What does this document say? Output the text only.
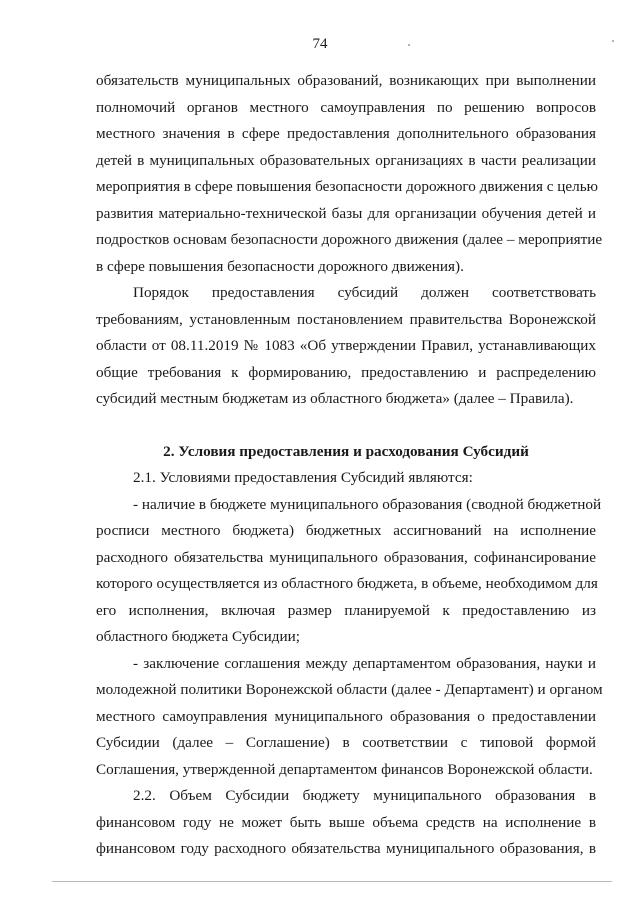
74
обязательств муниципальных образований, возникающих при выполнении
полномочий органов местного самоуправления по решению вопросов
местного значения в сфере предоставления дополнительного образования
детей в муниципальных образовательных организациях в части реализации
мероприятия в сфере повышения безопасности дорожного движения с целью
развития материально-технической базы для организации обучения детей и
подростков основам безопасности дорожного движения (далее – мероприятие
в сфере повышения безопасности дорожного движения).
Порядок предоставления субсидий должен соответствовать
требованиям, установленным постановлением правительства Воронежской
области от 08.11.2019 № 1083 «Об утверждении Правил, устанавливающих
общие требования к формированию, предоставлению и распределению
субсидий местным бюджетам из областного бюджета» (далее – Правила).
2. Условия предоставления и расходования Субсидий
2.1. Условиями предоставления Субсидий являются:
- наличие в бюджете муниципального образования (сводной бюджетной
росписи местного бюджета) бюджетных ассигнований на исполнение
расходного обязательства муниципального образования, софинансирование
которого осуществляется из областного бюджета, в объеме, необходимом для
его исполнения, включая размер планируемой к предоставлению из
областного бюджета Субсидии;
- заключение соглашения между департаментом образования, науки и
молодежной политики Воронежской области (далее - Департамент) и органом
местного самоуправления муниципального образования о предоставлении
Субсидии (далее – Соглашение) в соответствии с типовой формой
Соглашения, утвержденной департаментом финансов Воронежской области.
2.2. Объем Субсидии бюджету муниципального образования в
финансовом году не может быть выше объема средств на исполнение в
финансовом году расходного обязательства муниципального образования, в
